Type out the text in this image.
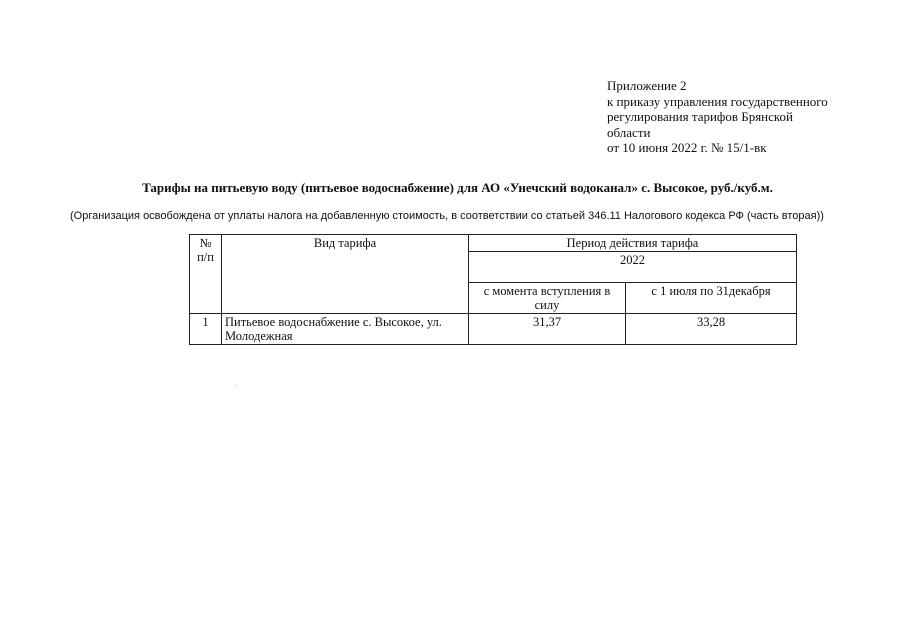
Приложение 2
к приказу управления государственного
регулирования тарифов Брянской
области
от 10 июня 2022 г. № 15/1-вк
Тарифы на питьевую воду (питьевое водоснабжение) для АО «Унечский водоканал» с. Высокое, руб./куб.м.
(Организация освобождена от уплаты налога на добавленную стоимость, в соответствии со статьей 346.11 Налогового кодекса РФ (часть вторая))
№ п/п	Вид тарифа	Период действия тарифа	
		2022	
		с момента вступления в силу	с 1 июля по 31декабря
1	Питьевое водоснабжение с. Высокое, ул. Молодежная	31,37	33,28
